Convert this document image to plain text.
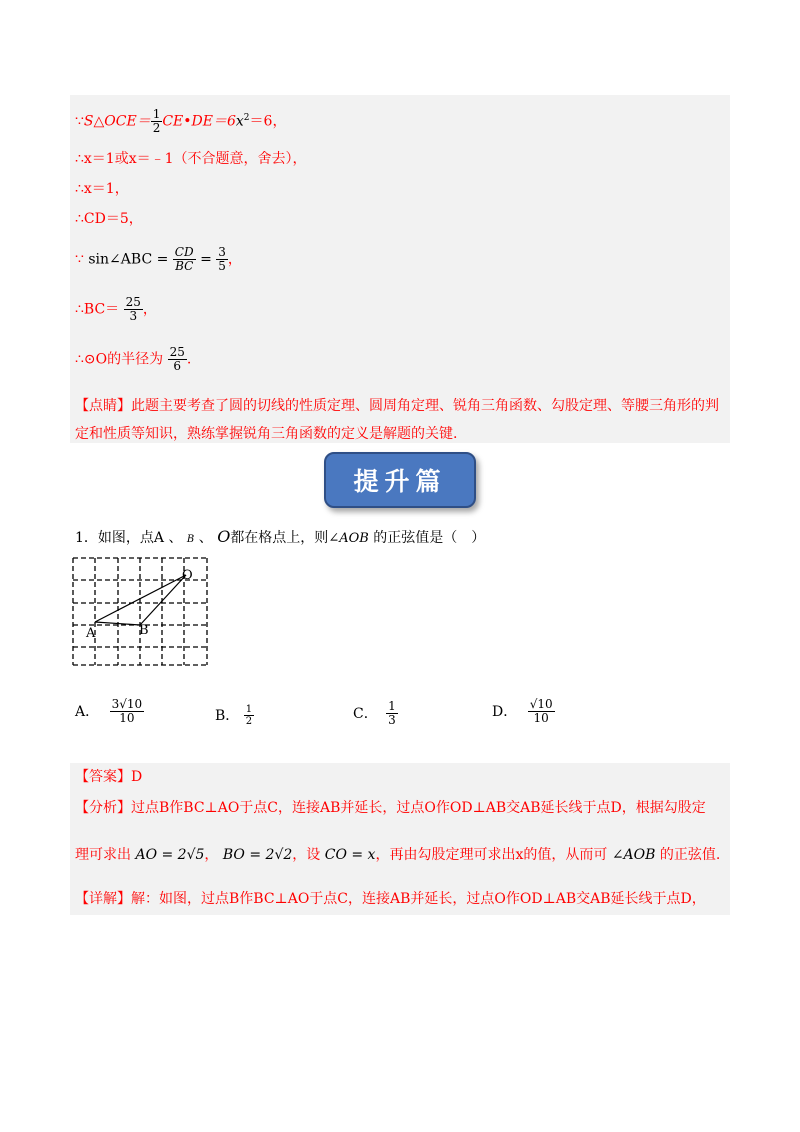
∵S△OCE＝ $\frac{1}{2}$ $CE•DE=6x^2=6$，
∴x＝1或x＝﹣1（不合题意，舍去），
∴x＝1，
∴CD＝5，
∵ sin∠ABC = $\frac{CD}{BC} = \frac{3}{5}$ ，
∴BC＝ $\frac{25}{3}$ ，
∴⊙O的半径为 $\frac{25}{6}$ .
【点睛】此题主要考查了圆的切线的性质定理、圆周角定理、锐角三角函数、勾股定理、等腰三角形的判
定和性质等知识，熟练掌握锐角三角函数的定义是解题的关键.
提升篇
1．如图，点A 、 B 、 O都在格点上，则∠AOB 的正弦值是（　）
O
A	B
A． $\frac{3√10}{10}$	B． $\frac{1}{2}$	C． $\frac{1}{3}$	D． $\frac{√10}{10}$
【答案】D
【分析】过点B作BC⊥AO于点C，连接AB并延长，过点O作OD⊥AB交AB延长线于点D，根据勾股定
理可求出 AO = 2√5， BO = 2√2，设 CO = x，再由勾股定理可求出x的值，从而可 ∠AOB 的正弦值.
【详解】解：如图，过点B作BC⊥AO于点C，连接AB并延长，过点O作OD⊥AB交AB延长线于点D，
